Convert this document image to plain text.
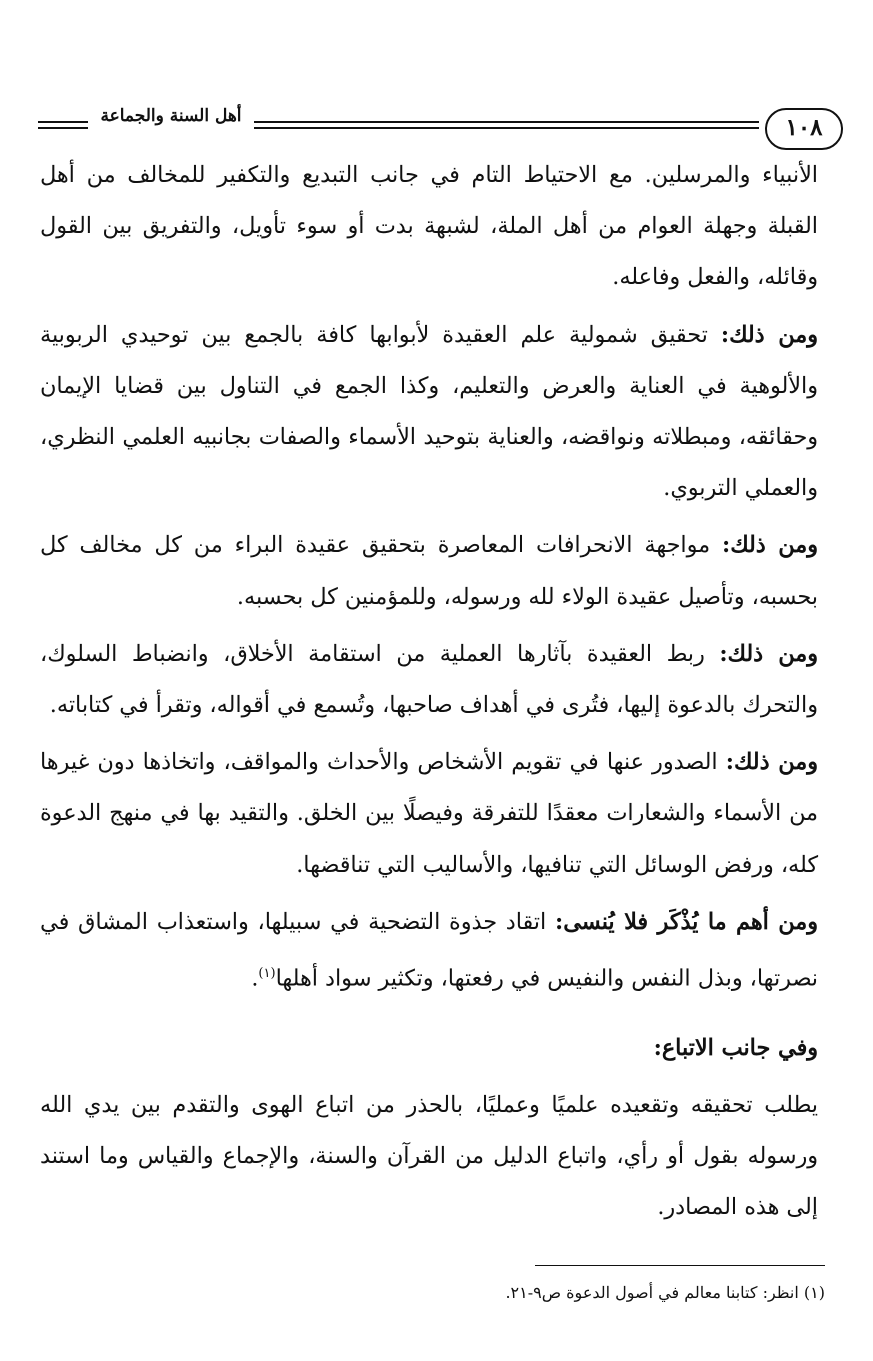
١٠٨
أهل السنة والجماعة

الأنبياء والمرسلين. مع الاحتياط التام في جانب التبديع والتكفير للمخالف من أهل القبلة وجهلة العوام من أهل الملة، لشبهة بدت أو سوء تأويل، والتفريق بين القول وقائله، والفعل وفاعله.

ومن ذلك: تحقيق شمولية علم العقيدة لأبوابها كافة بالجمع بين توحيدي الربوبية والألوهية في العناية والعرض والتعليم، وكذا الجمع في التناول بين قضايا الإيمان وحقائقه، ومبطلاته ونواقضه، والعناية بتوحيد الأسماء والصفات بجانبيه العلمي النظري، والعملي التربوي.

ومن ذلك: مواجهة الانحرافات المعاصرة بتحقيق عقيدة البراء من كل مخالف كل بحسبه، وتأصيل عقيدة الولاء لله ورسوله، وللمؤمنين كل بحسبه.

ومن ذلك: ربط العقيدة بآثارها العملية من استقامة الأخلاق، وانضباط السلوك، والتحرك بالدعوة إليها، فتُرى في أهداف صاحبها، وتُسمع في أقواله، وتقرأ في كتاباته.

ومن ذلك: الصدور عنها في تقويم الأشخاص والأحداث والمواقف، واتخاذها دون غيرها من الأسماء والشعارات معقدًا للتفرقة وفيصلًا بين الخلق. والتقيد بها في منهج الدعوة كله، ورفض الوسائل التي تنافيها، والأساليب التي تناقضها.

ومن أهم ما يُذْكَر فلا يُنسى: اتقاد جذوة التضحية في سبيلها، واستعذاب المشاق في نصرتها، وبذل النفس والنفيس في رفعتها، وتكثير سواد أهلها$^{(١)}$.

وفي جانب الاتباع:

يطلب تحقيقه وتقعيده علميًا وعمليًا، بالحذر من اتباع الهوى والتقدم بين يدي الله ورسوله بقول أو رأي، واتباع الدليل من القرآن والسنة، والإجماع والقياس وما استند إلى هذه المصادر.

(١) انظر: كتابنا معالم في أصول الدعوة ص٩-٢١.
